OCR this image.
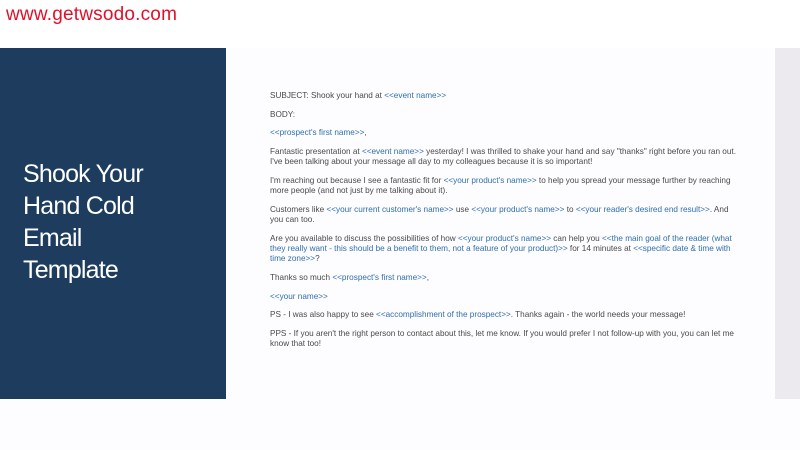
www.getwsodo.com
Shook Your
Hand Cold
Email
Template
URBAN ...

SUBJECT: Shook your hand at <<event name>>

BODY:

<<prospect's first name>>,

Fantastic presentation at <<event name>> yesterday! I was thrilled to shake your hand and say "thanks" right before you ran out. I've been talking about your message all day to my colleagues because it is so important!

I'm reaching out because I see a fantastic fit for <<your product's name>> to help you spread your message further by reaching more people (and not just by me talking about it).

Customers like <<your current customer's name>> use <<your product's name>> to <<your reader's desired end result>>. And you can too.

Are you available to discuss the possibilities of how <<your product's name>> can help you <<the main goal of the reader (what they really want - this should be a benefit to them, not a feature of your product)>> for 14 minutes at <<specific date & time with time zone>>?

Thanks so much <<prospect's first name>>,

<<your name>>

PS - I was also happy to see <<accomplishment of the prospect>>. Thanks again - the world needs your message!

PPS - If you aren't the right person to contact about this, let me know. If you would prefer I not follow-up with you, you can let me know that too!
